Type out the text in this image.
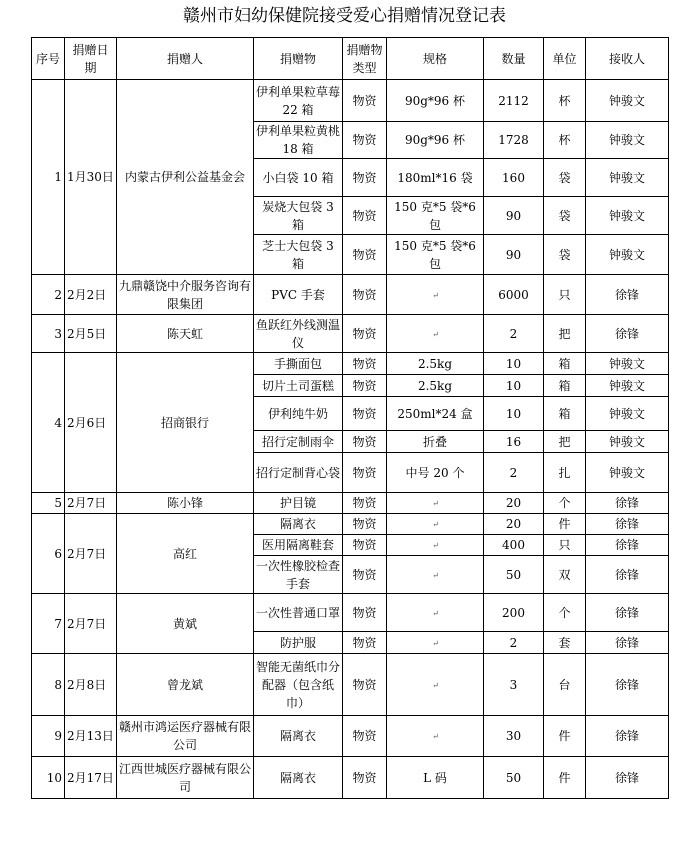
赣州市妇幼保健院接受爱心捐赠情况登记表
序号	捐赠日期	捐赠人	捐赠物	捐赠物类型	规格	数量	单位	接收人
1	1月30日	内蒙古伊利公益基金会	伊利单果粒草莓 22 箱	物资	90g*96 杯	2112	杯	钟骏文
			伊利单果粒黄桃 18 箱	物资	90g*96 杯	1728	杯	钟骏文
			小白袋 10 箱	物资	180ml*16 袋	160	袋	钟骏文
			炭烧大包袋 3 箱	物资	150 克*5 袋*6 包	90	袋	钟骏文
			芝士大包袋 3 箱	物资	150 克*5 袋*6 包	90	袋	钟骏文
2	2月2日	九鼎赣饶中介服务咨询有限集团	PVC 手套	物资	↵	6000	只	徐锋
3	2月5日	陈天虹	鱼跃红外线测温仪	物资	↵	2	把	徐锋
4	2月6日	招商银行	手撕面包	物资	2.5kg	10	箱	钟骏文
			切片土司蛋糕	物资	2.5kg	10	箱	钟骏文
			伊利纯牛奶	物资	250ml*24 盒	10	箱	钟骏文
			招行定制雨伞	物资	折叠	16	把	钟骏文
			招行定制背心袋	物资	中号 20 个	2	扎	钟骏文
5	2月7日	陈小锋	护目镜	物资	↵	20	个	徐锋
6	2月7日	高红	隔离衣	物资	↵	20	件	徐锋
			医用隔离鞋套	物资	↵	400	只	徐锋
			一次性橡胶检查手套	物资	↵	50	双	徐锋
7	2月7日	黄斌	一次性普通口罩	物资	↵	200	个	徐锋
			防护服	物资	↵	2	套	徐锋
8	2月8日	曾龙斌	智能无菌纸巾分配器（包含纸巾）	物资	↵	3	台	徐锋
9	2月13日	赣州市鸿运医疗器械有限公司	隔离衣	物资	↵	30	件	徐锋
10	2月17日	江西世城医疗器械有限公司	隔离衣	物资	L 码	50	件	徐锋
